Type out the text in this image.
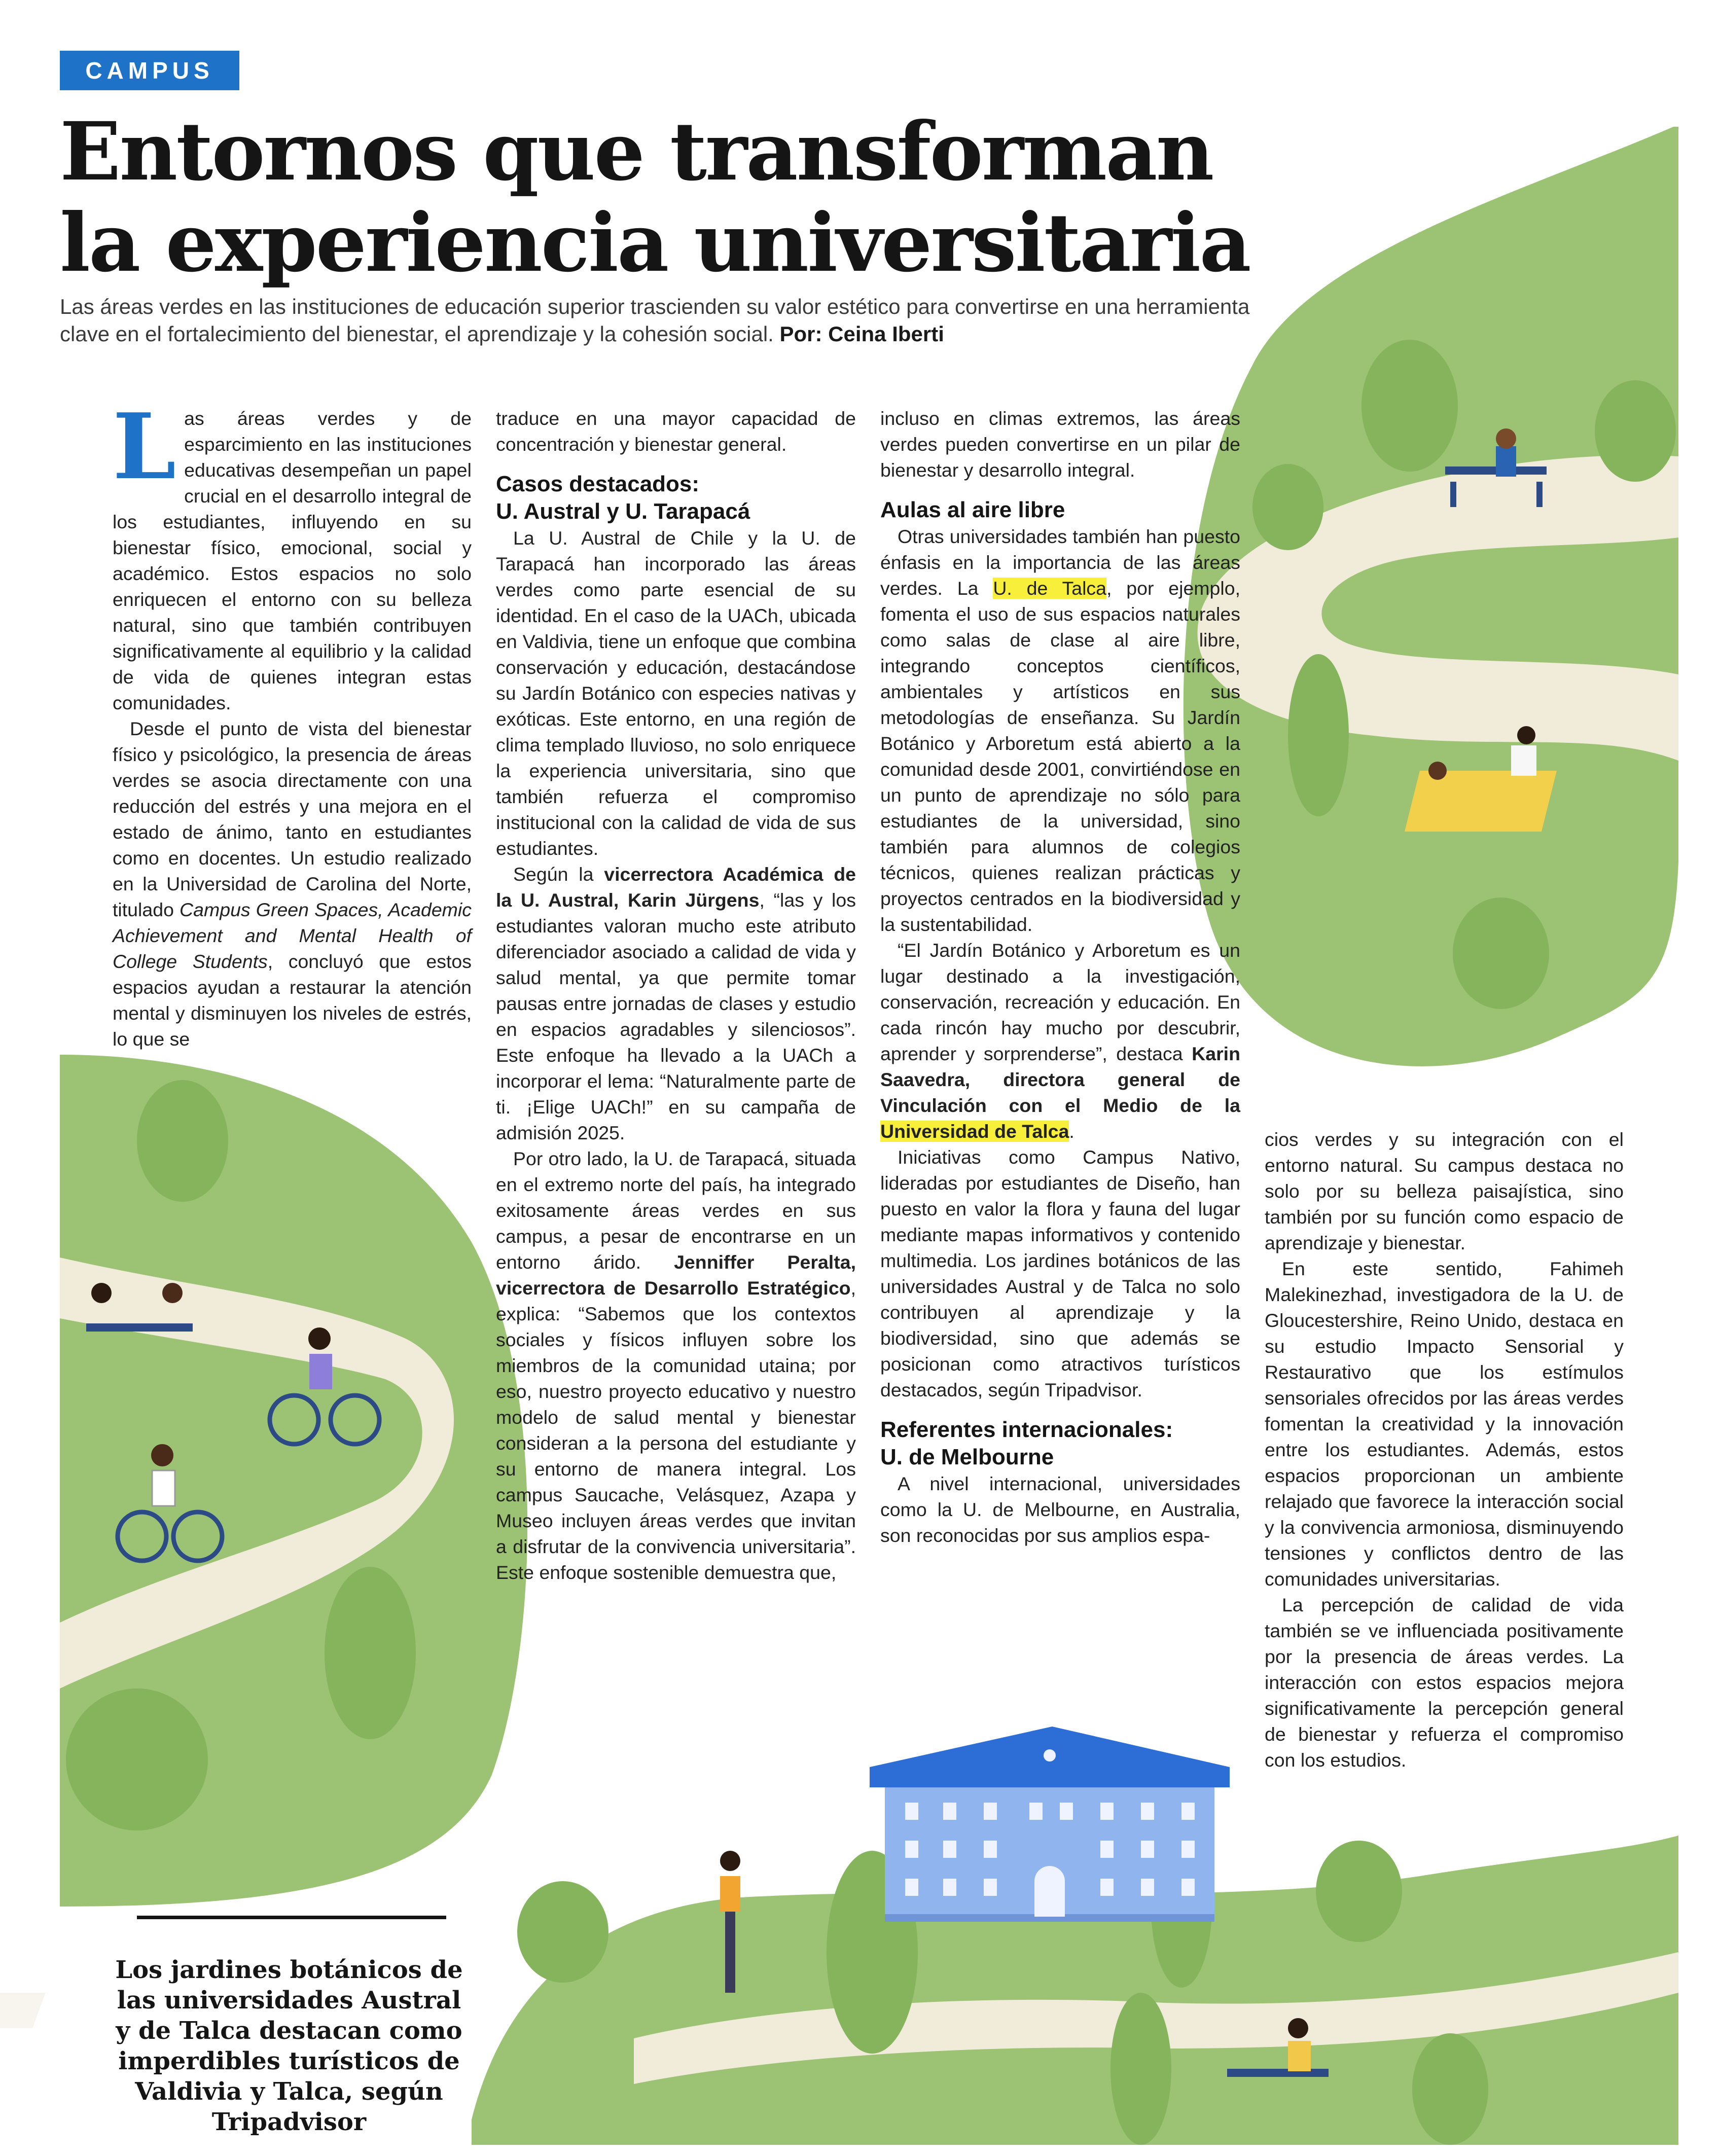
CAMPUS
Entornos que transforman
la experiencia universitaria

Las áreas verdes en las instituciones de educación superior trascienden su valor estético para convertirse en una herramienta clave en el fortalecimiento del bienestar, el aprendizaje y la cohesión social. Por: Ceina Iberti

Las áreas verdes y de esparcimiento en las instituciones educativas desempeñan un papel crucial en el desarrollo integral de los estudiantes, influyendo en su bienestar físico, emocional, social y académico. Estos espacios no solo enriquecen el entorno con su belleza natural, sino que también contribuyen significativamente al equilibrio y la calidad de vida de quienes integran estas comunidades.

Desde el punto de vista del bienestar físico y psicológico, la presencia de áreas verdes se asocia directamente con una reducción del estrés y una mejora en el estado de ánimo, tanto en estudiantes como en docentes. Un estudio realizado en la Universidad de Carolina del Norte, titulado Campus Green Spaces, Academic Achievement and Mental Health of College Students, concluyó que estos espacios ayudan a restaurar la atención mental y disminuyen los niveles de estrés, lo que se

traduce en una mayor capacidad de concentración y bienestar general.

Casos destacados:
U. Austral y U. Tarapacá

La U. Austral de Chile y la U. de Tarapacá han incorporado las áreas verdes como parte esencial de su identidad. En el caso de la UACh, ubicada en Valdivia, tiene un enfoque que combina conservación y educación, destacándose su Jardín Botánico con especies nativas y exóticas. Este entorno, en una región de clima templado lluvioso, no solo enriquece la experiencia universitaria, sino que también refuerza el compromiso institucional con la calidad de vida de sus estudiantes.

Según la vicerrectora Académica de la U. Austral, Karin Jürgens, “las y los estudiantes valoran mucho este atributo diferenciador asociado a calidad de vida y salud mental, ya que permite tomar pausas entre jornadas de clases y estudio en espacios agradables y silenciosos”. Este enfoque ha llevado a la UACh a incorporar el lema: “Naturalmente parte de ti. ¡Elige UACh!” en su campaña de admisión 2025.

Por otro lado, la U. de Tarapacá, situada en el extremo norte del país, ha integrado exitosamente áreas verdes en sus campus, a pesar de encontrarse en un entorno árido. Jenniffer Peralta, vicerrectora de Desarrollo Estratégico, explica: “Sabemos que los contextos sociales y físicos influyen sobre los miembros de la comunidad utaina; por eso, nuestro proyecto educativo y nuestro modelo de salud mental y bienestar consideran a la persona del estudiante y su entorno de manera integral. Los campus Saucache, Velásquez, Azapa y Museo incluyen áreas verdes que invitan a disfrutar de la convivencia universitaria”. Este enfoque sostenible demuestra que,

incluso en climas extremos, las áreas verdes pueden convertirse en un pilar de bienestar y desarrollo integral.

Aulas al aire libre

Otras universidades también han puesto énfasis en la importancia de las áreas verdes. La U. de Talca, por ejemplo, fomenta el uso de sus espacios naturales como salas de clase al aire libre, integrando conceptos científicos, ambientales y artísticos en sus metodologías de enseñanza. Su Jardín Botánico y Arboretum está abierto a la comunidad desde 2001, convirtiéndose en un punto de aprendizaje no sólo para estudiantes de la universidad, sino también para alumnos de colegios técnicos, quienes realizan prácticas y proyectos centrados en la biodiversidad y la sustentabilidad.

“El Jardín Botánico y Arboretum es un lugar destinado a la investigación, conservación, recreación y educación. En cada rincón hay mucho por descubrir, aprender y sorprenderse”, destaca Karin Saavedra, directora general de Vinculación con el Medio de la Universidad de Talca.

Iniciativas como Campus Nativo, lideradas por estudiantes de Diseño, han puesto en valor la flora y fauna del lugar mediante mapas informativos y contenido multimedia. Los jardines botánicos de las universidades Austral y de Talca no solo contribuyen al aprendizaje y la biodiversidad, sino que además se posicionan como atractivos turísticos destacados, según Tripadvisor.

Referentes internacionales:
U. de Melbourne

A nivel internacional, universidades como la U. de Melbourne, en Australia, son reconocidas por sus amplios espa-

cios verdes y su integración con el entorno natural. Su campus destaca no solo por su belleza paisajística, sino también por su función como espacio de aprendizaje y bienestar.

En este sentido, Fahimeh Malekinezhad, investigadora de la U. de Gloucestershire, Reino Unido, destaca en su estudio Impacto Sensorial y Restaurativo que los estímulos sensoriales ofrecidos por las áreas verdes fomentan la creatividad y la innovación entre los estudiantes. Además, estos espacios proporcionan un ambiente relajado que favorece la interacción social y la convivencia armoniosa, disminuyendo tensiones y conflictos dentro de las comunidades universitarias.

La percepción de calidad de vida también se ve influenciada positivamente por la presencia de áreas verdes. La interacción con estos espacios mejora significativamente la percepción general de bienestar y refuerza el compromiso con los estudios.

Los jardines botánicos de las universidades Austral y de Talca destacan como imperdibles turísticos de Valdivia y Talca, según Tripadvisor
